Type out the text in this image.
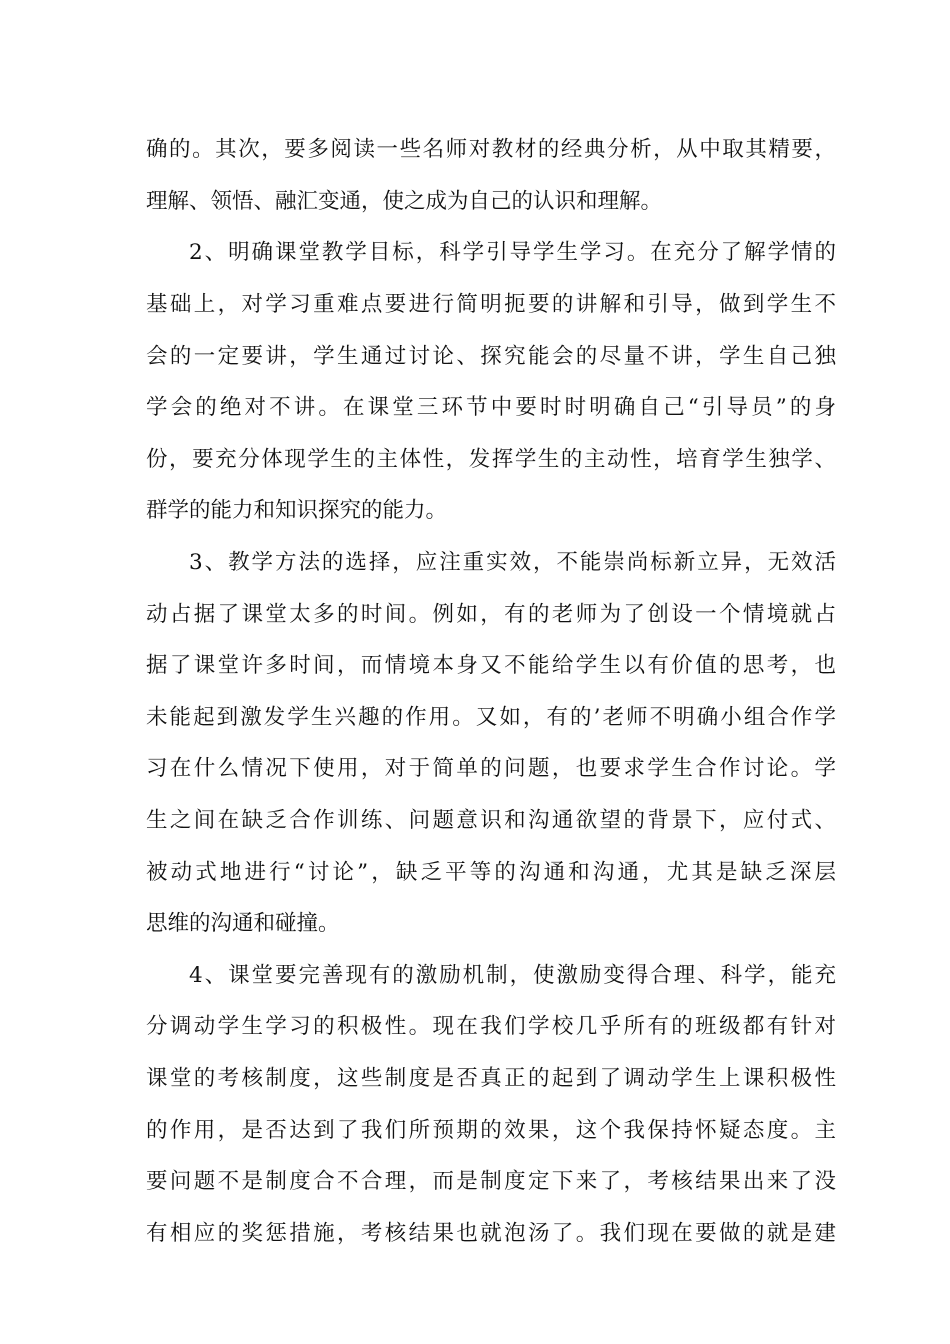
确的。其次，要多阅读一些名师对教材的经典分析，从中取其精要，
理解、领悟、融汇变通，使之成为自己的认识和理解。
2、明确课堂教学目标，科学引导学生学习。在充分了解学情的
基础上，对学习重难点要进行简明扼要的讲解和引导，做到学生不
会的一定要讲，学生通过讨论、探究能会的尽量不讲，学生自己独
学会的绝对不讲。在课堂三环节中要时时明确自己“引导员”的身
份，要充分体现学生的主体性，发挥学生的主动性，培育学生独学、
群学的能力和知识探究的能力。
3、教学方法的选择，应注重实效，不能崇尚标新立异，无效活
动占据了课堂太多的时间。例如，有的老师为了创设一个情境就占
据了课堂许多时间，而情境本身又不能给学生以有价值的思考，也
未能起到激发学生兴趣的作用。又如，有的’老师不明确小组合作学
习在什么情况下使用，对于简单的问题，也要求学生合作讨论。学
生之间在缺乏合作训练、问题意识和沟通欲望的背景下，应付式、
被动式地进行“讨论”，缺乏平等的沟通和沟通，尤其是缺乏深层
思维的沟通和碰撞。
4、课堂要完善现有的激励机制，使激励变得合理、科学，能充
分调动学生学习的积极性。现在我们学校几乎所有的班级都有针对
课堂的考核制度，这些制度是否真正的起到了调动学生上课积极性
的作用，是否达到了我们所预期的效果，这个我保持怀疑态度。主
要问题不是制度合不合理，而是制度定下来了，考核结果出来了没
有相应的奖惩措施，考核结果也就泡汤了。我们现在要做的就是建
